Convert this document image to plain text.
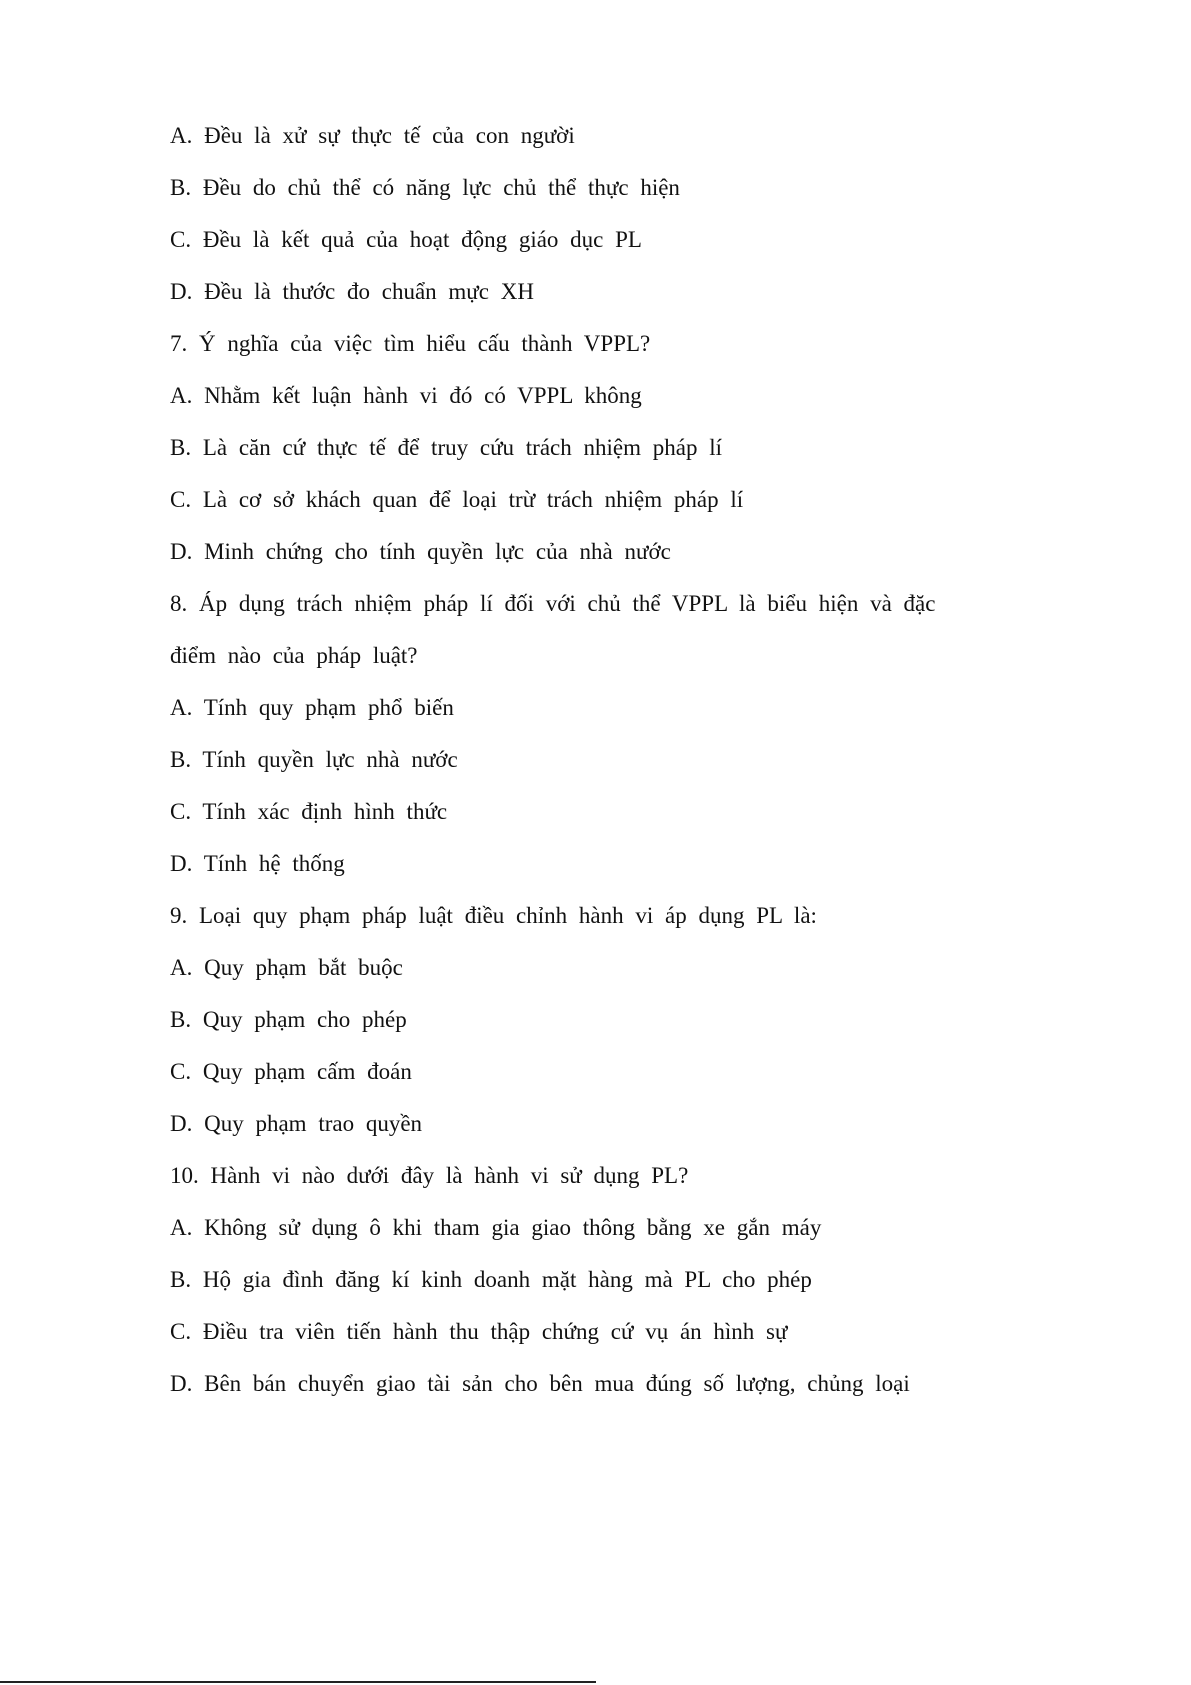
A. Đều là xử sự thực tế của con người
B. Đều do chủ thể có năng lực chủ thể thực hiện
C. Đều là kết quả của hoạt động giáo dục PL
D. Đều là thước đo chuẩn mực XH
7. Ý nghĩa của việc tìm hiểu cấu thành VPPL?
A. Nhằm kết luận hành vi đó có VPPL không
B. Là căn cứ thực tế để truy cứu trách nhiệm pháp lí
C. Là cơ sở khách quan để loại trừ trách nhiệm pháp lí
D. Minh chứng cho tính quyền lực của nhà nước
8. Áp dụng trách nhiệm pháp lí đối với chủ thể VPPL là biểu hiện và đặc
điểm nào của pháp luật?
A. Tính quy phạm phổ biến
B. Tính quyền lực nhà nước
C. Tính xác định hình thức
D. Tính hệ thống
9. Loại quy phạm pháp luật điều chỉnh hành vi áp dụng PL là:
A. Quy phạm bắt buộc
B. Quy phạm cho phép
C. Quy phạm cấm đoán
D. Quy phạm trao quyền
10. Hành vi nào dưới đây là hành vi sử dụng PL?
A. Không sử dụng ô khi tham gia giao thông bằng xe gắn máy
B. Hộ gia đình đăng kí kinh doanh mặt hàng mà PL cho phép
C. Điều tra viên tiến hành thu thập chứng cứ vụ án hình sự
D. Bên bán chuyển giao tài sản cho bên mua đúng số lượng, chủng loại
